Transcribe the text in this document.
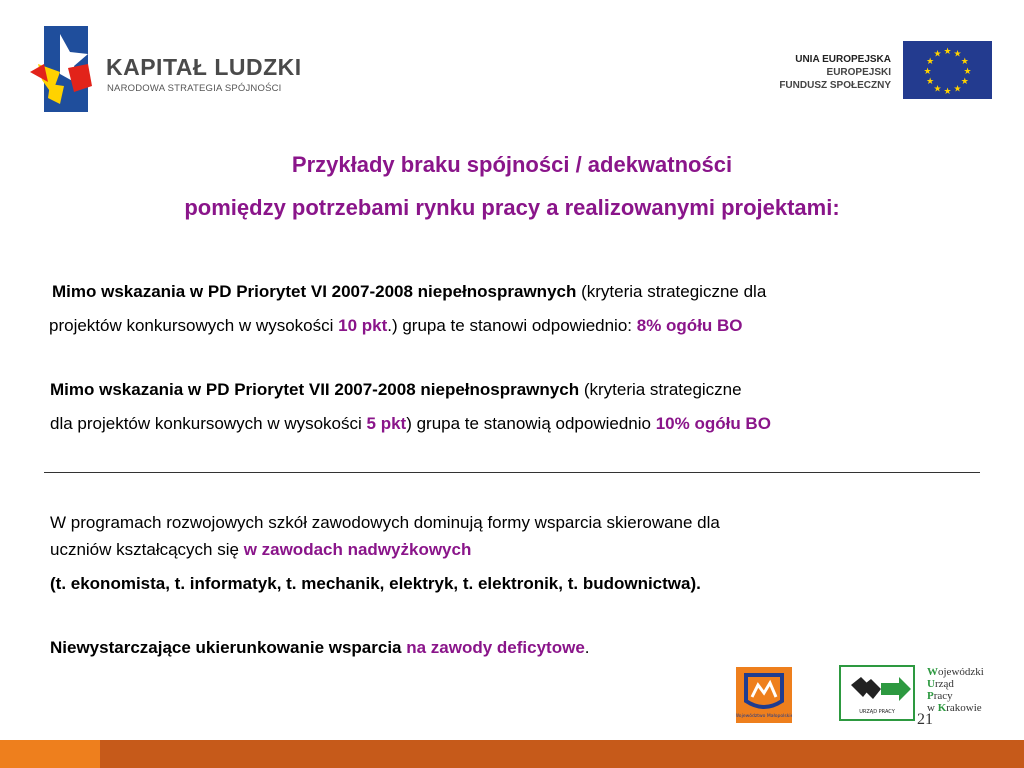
KAPITAŁ LUDZKI
NARODOWA STRATEGIA SPÓJNOŚCI
UNIA EUROPEJSKA
EUROPEJSKI
FUNDUSZ SPOŁECZNY
★ ★
★
★
★
★
★
★
★
★
★
★
Przykłady braku spójności / adekwatności
pomiędzy potrzebami rynku pracy a realizowanymi projektami:
Mimo wskazania w PD Priorytet VI 2007-2008 niepełnosprawnych (kryteria strategiczne dla
projektów konkursowych w wysokości 10 pkt.) grupa te stanowi odpowiednio: 8% ogółu BO
Mimo wskazania w PD Priorytet VII 2007-2008 niepełnosprawnych (kryteria strategiczne
dla projektów konkursowych w wysokości 5 pkt) grupa te stanowią odpowiednio 10% ogółu BO
W programach rozwojowych szkół zawodowych dominują formy wsparcia skierowane dla
uczniów kształcących się w zawodach nadwyżkowych
(t. ekonomista, t. informatyk, t. mechanik, elektryk, t. elektronik, t. budownictwa).
Niewystarczające ukierunkowanie wsparcia na zawody deficytowe.
Województwo Małopolskie
URZĄD PRACY
Wojewódzki
Urząd
Pracy
w Krakowie
21
